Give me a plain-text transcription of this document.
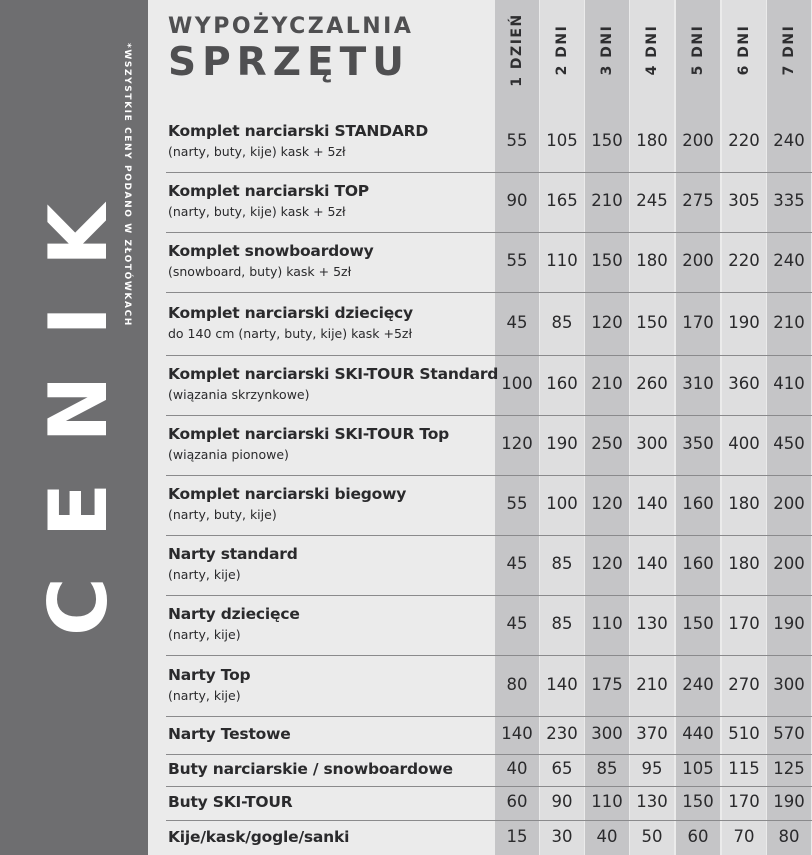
CENIK
*WSZYSTKIE CENY PODANO W ZŁOTÓWKACH
WYPOŻYCZALNIA
SPRZĘTU	1 DZIEŃ 2 DNI 3 DNI 4 DNI 5 DNI 6 DNI 7 DNI
Komplet narciarski STANDARD
(narty, buty, kije) kask + 5zł
55	105 150 180 200 220 240
Komplet narciarski TOP
(narty, buty, kije) kask + 5zł
90	165 210 245 275 305 335
Komplet snowboardowy
(snowboard, buty) kask + 5zł
55	110 150 180 200 220 240
Komplet narciarski dziecięcy
do 140 cm (narty, buty, kije) kask +5zł
45	85	120 150 170 190 210
Komplet narciarski SKI-TOUR Standard
(wiązania skrzynkowe)
100 160 210 260 310 360 410
Komplet narciarski SKI-TOUR Top
(wiązania pionowe)
120 190 250 300 350 400 450
Komplet narciarski biegowy
(narty, buty, kije)
55	100 120 140 160 180 200
Narty standard
(narty, kije)
45	85	120 140 160 180 200
Narty dziecięce
(narty, kije)
45	85	110 130 150 170 190
Narty Top
(narty, kije)
80	140 175 210 240 270 300
Narty Testowe	140 230 300 370 440 510 570
Buty narciarskie / snowboardowe	40	65	85	95	105 115 125
Buty SKI-TOUR	60	90	110 130 150 170 190
Kije/kask/gogle/sanki	15	30	40	50	60	70	80
